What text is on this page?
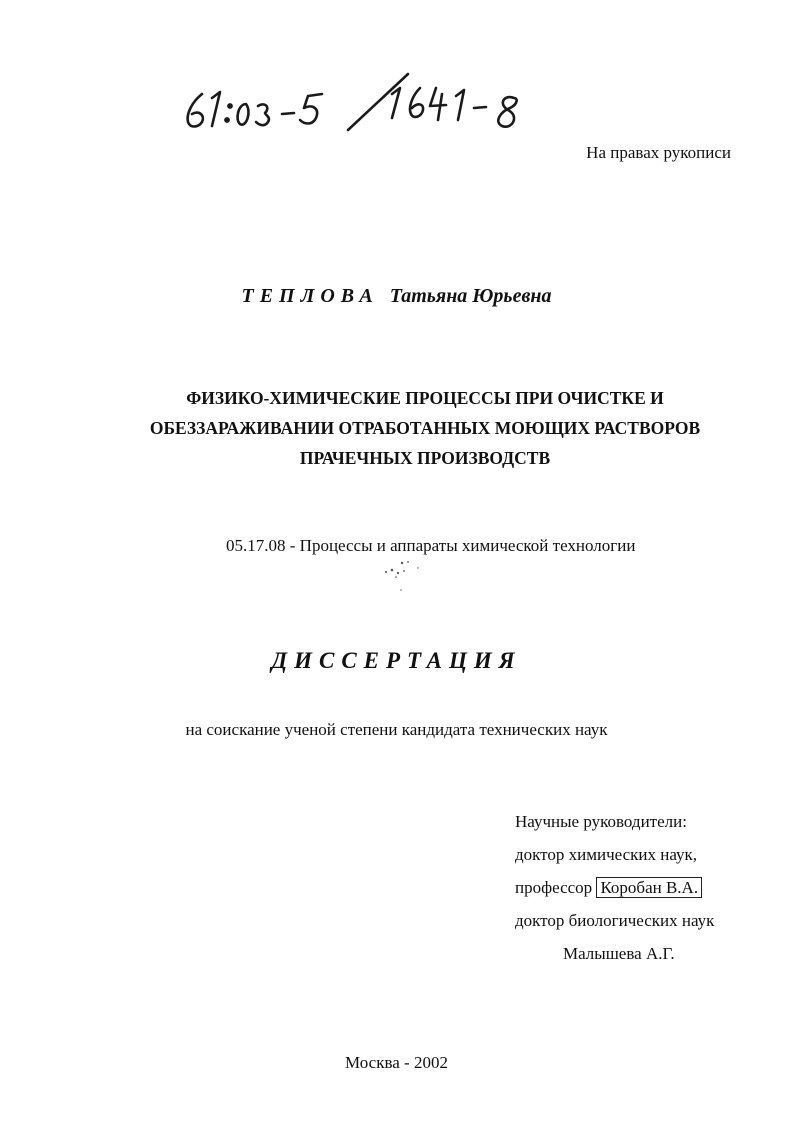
На правах рукописи
ТЕПЛОВА Татьяна Юрьевна
ФИЗИКО-ХИМИЧЕСКИЕ ПРОЦЕССЫ ПРИ ОЧИСТКЕ И
ОБЕЗЗАРАЖИВАНИИ ОТРАБОТАННЫХ МОЮЩИХ РАСТВОРОВ
ПРАЧЕЧНЫХ ПРОИЗВОДСТВ
05.17.08 - Процессы и аппараты химической технологии
ДИССЕРТАЦИЯ
на соискание ученой степени кандидата технических наук
Научные руководители:
доктор химических наук,
профессор Коробан В.А.
доктор биологических наук
Малышева А.Г.
Москва - 2002
